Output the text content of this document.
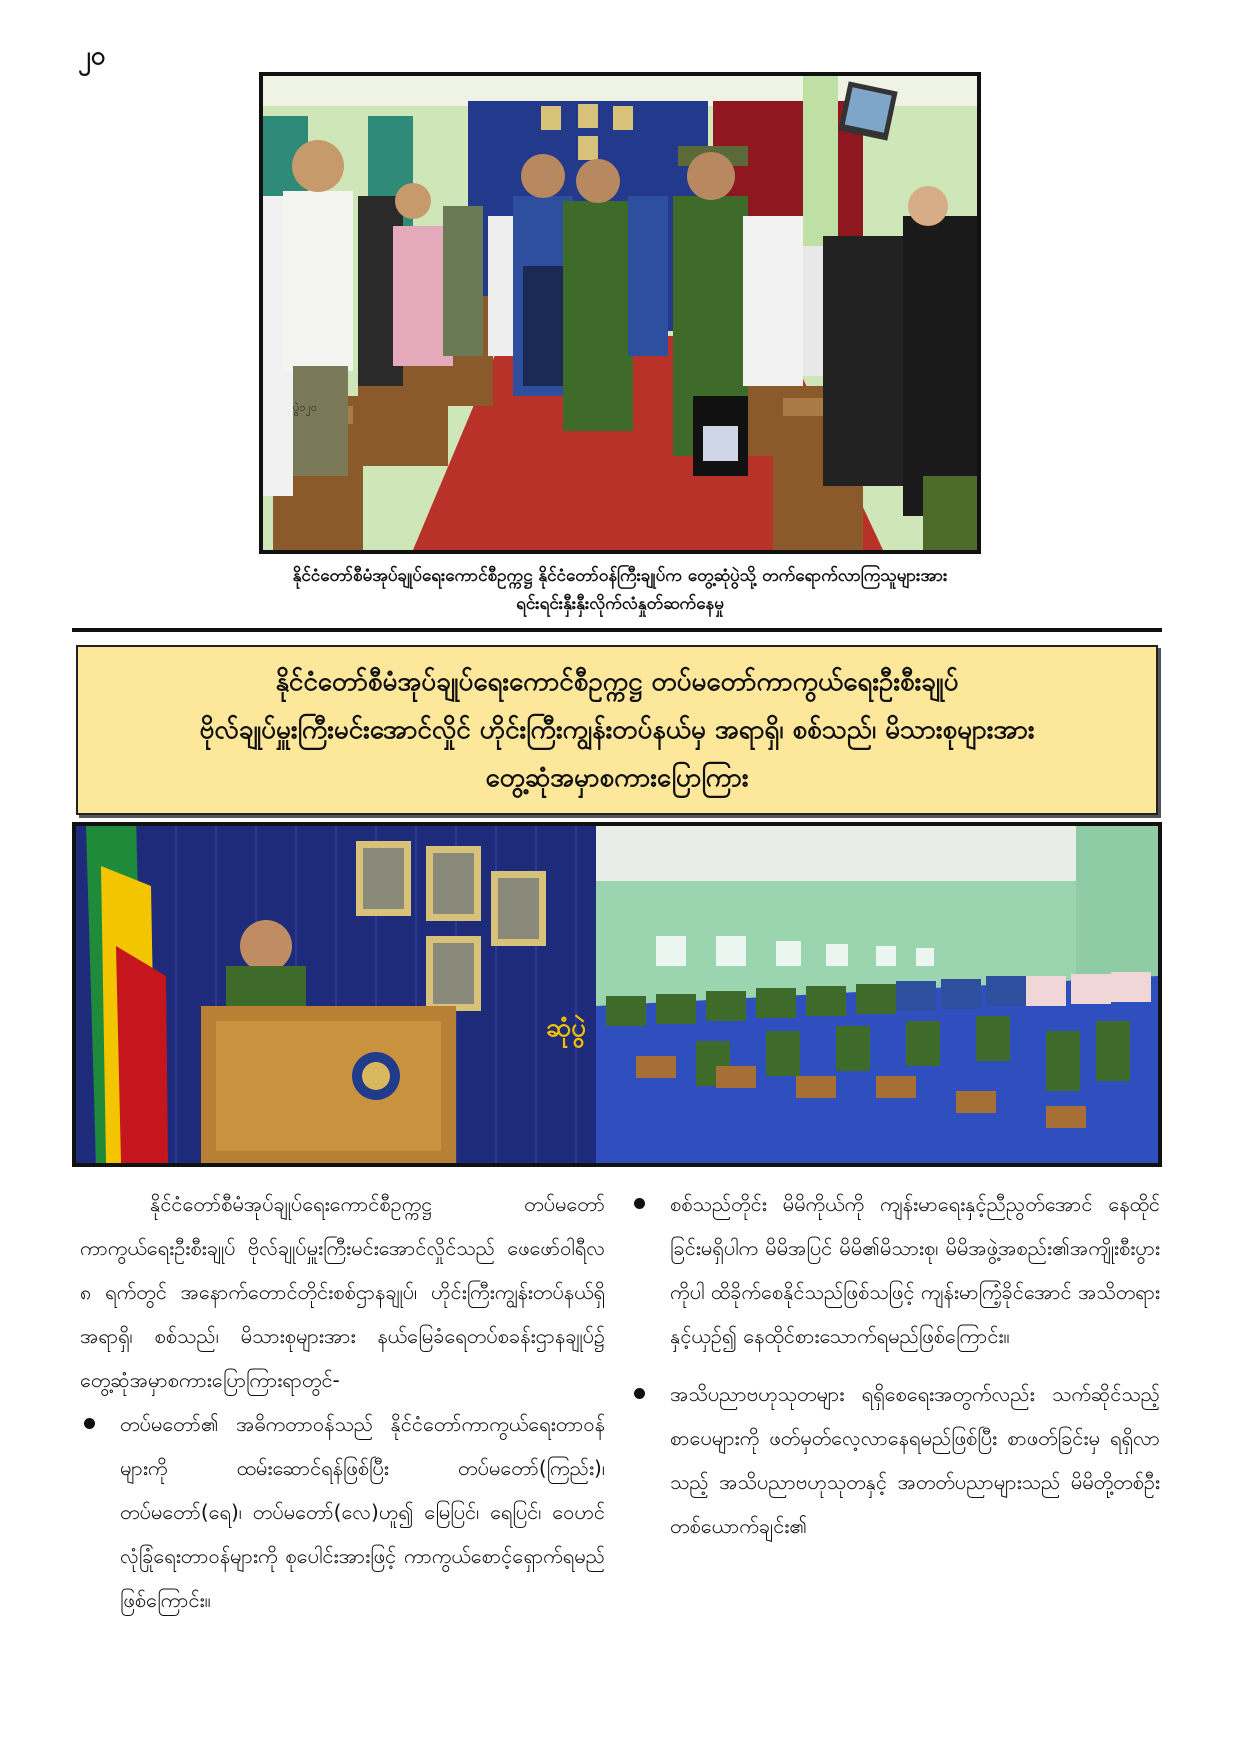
၂၀
ပွဲ၁၂၀
နိုင်ငံတော်စီမံအုပ်ချုပ်ရေးကောင်စီဥက္ကဋ္ဌ နိုင်ငံတော်ဝန်ကြီးချုပ်က တွေ့ဆုံပွဲသို့ တက်ရောက်လာကြသူများအား
ရင်းရင်းနှီးနှီးလိုက်လံနှုတ်ဆက်နေမှု
နိုင်ငံတော်စီမံအုပ်ချုပ်ရေးကောင်စီဥက္ကဋ္ဌ တပ်မတော်ကာကွယ်ရေးဦးစီးချုပ်
ဗိုလ်ချုပ်မှူးကြီးမင်းအောင်လှိုင် ဟိုင်းကြီးကျွန်းတပ်နယ်မှ အရာရှိ၊ စစ်သည်၊ မိသားစုများအား
တွေ့ဆုံအမှာစကားပြောကြား
ဆုံပွဲ

နိုင်ငံတော်စီမံအုပ်ချုပ်ရေးကောင်စီဥက္ကဋ္ဌ တပ်မတော်ကာကွယ်ရေးဦးစီးချုပ် ဗိုလ်ချုပ်မှူးကြီးမင်းအောင်လှိုင်သည် ဖေဖော်ဝါရီလ ၈ ရက်တွင် အနောက်တောင်တိုင်းစစ်ဌာနချုပ်၊ ဟိုင်းကြီးကျွန်းတပ်နယ်ရှိ အရာရှိ၊ စစ်သည်၊ မိသားစုများအား နယ်မြေခံရေတပ်စခန်းဌာနချုပ်၌ တွေ့ဆုံအမှာစကားပြောကြားရာတွင်-

တပ်မတော်၏ အဓိကတာဝန်သည် နိုင်ငံတော်ကာကွယ်ရေးတာဝန်များကို ထမ်းဆောင်ရန်ဖြစ်ပြီး တပ်မတော်(ကြည်း)၊ တပ်မတော်(ရေ)၊ တပ်မတော်(လေ)ဟူ၍ မြေပြင်၊ ရေပြင်၊ ဝေဟင် လုံခြုံရေးတာဝန်များကို စုပေါင်းအားဖြင့် ကာကွယ်စောင့်ရှောက်ရမည်ဖြစ်ကြောင်း။
စစ်သည်တိုင်း မိမိကိုယ်ကို ကျန်းမာရေးနှင့်ညီညွတ်အောင် နေထိုင်ခြင်းမရှိပါက မိမိအပြင် မိမိ၏မိသားစု၊ မိမိအဖွဲ့အစည်း၏အကျိုးစီးပွားကိုပါ ထိခိုက်စေနိုင်သည်ဖြစ်သဖြင့် ကျန်းမာကြံ့ခိုင်အောင် အသိတရားနှင့်ယှဉ်၍ နေထိုင်စားသောက်ရမည်ဖြစ်ကြောင်း။
အသိပညာဗဟုသုတများ ရရှိစေရေးအတွက်လည်း သက်ဆိုင်သည့်စာပေများကို ဖတ်မှတ်လေ့လာနေရမည်ဖြစ်ပြီး စာဖတ်ခြင်းမှ ရရှိလာသည့် အသိပညာဗဟုသုတနှင့် အတတ်ပညာများသည် မိမိတို့တစ်ဦးတစ်ယောက်ချင်း၏
